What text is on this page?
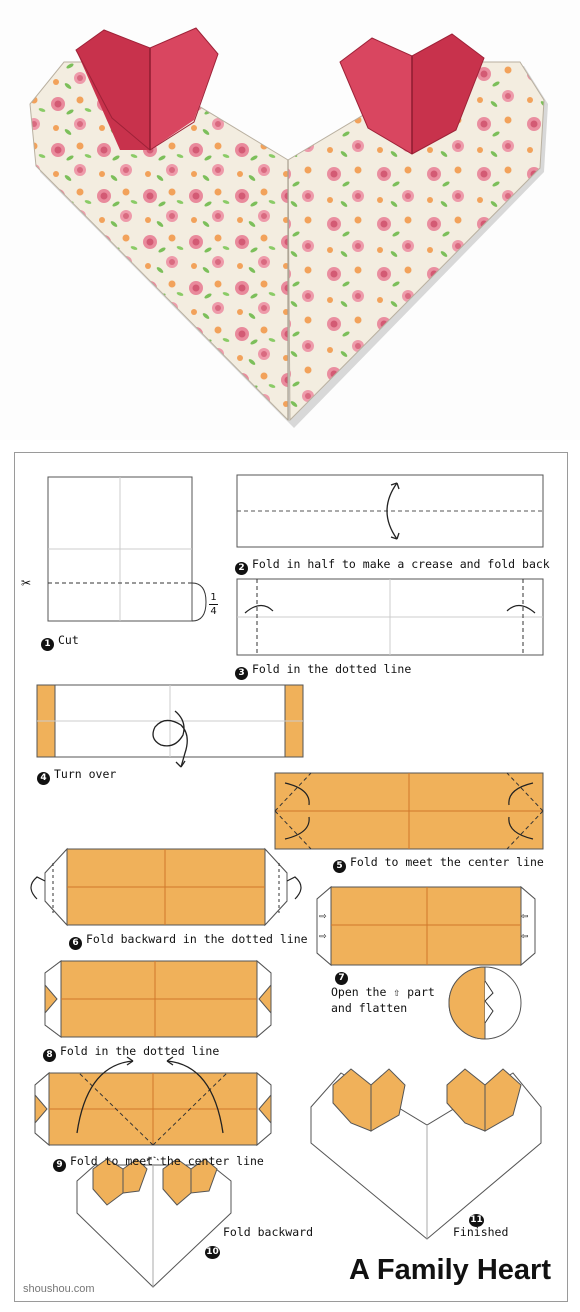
✂
⇨
⇨
⇦
⇦
1
4
1 Cut
2 Fold in half to make a crease and fold back
3 Fold in the dotted line
4 Turn over
5 Fold to meet the center line
6 Fold backward in the dotted line
7
Open the ⇧ part
and flatten
8 Fold in the dotted line
9 Fold to meet the center line
Fold backward
10
11
Finished
A Family Heart
shoushou.com
